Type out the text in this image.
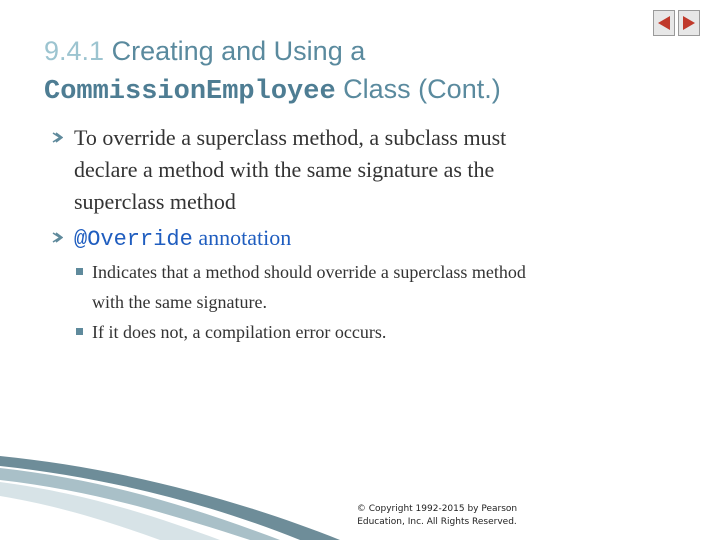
9.4.1 Creating and Using a
CommissionEmployee Class (Cont.)
To override a superclass method, a subclass must
declare a method with the same signature as the
superclass method
@Override annotation
Indicates that a method should override a superclass method
with the same signature.
If it does not, a compilation error occurs.
© Copyright 1992-2015 by Pearson
Education, Inc. All Rights Reserved.
